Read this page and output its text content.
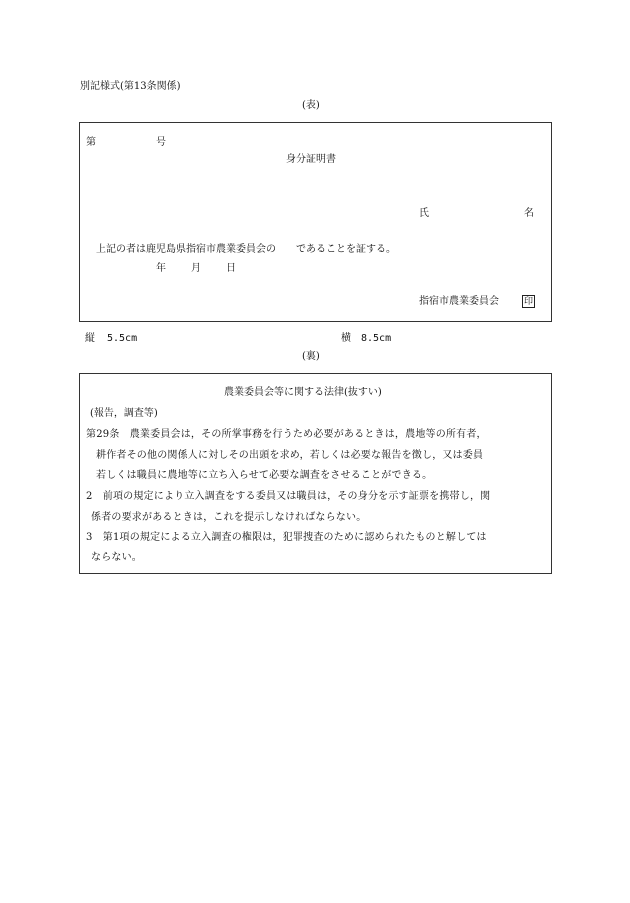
別記様式(第13条関係)
(表)
第	号
身分証明書
氏	名
上記の者は鹿児島県指宿市農業委員会の　　であることを証する。
年	月	日
指宿市農業委員会	印
縦 5.5cm	横 8.5cm
(裏)
農業委員会等に関する法律(抜すい)
(報告，調査等)
第29条　農業委員会は，その所掌事務を行うため必要があるときは，農地等の所有者，
耕作者その他の関係人に対しその出頭を求め，若しくは必要な報告を徴し，又は委員
若しくは職員に農地等に立ち入らせて必要な調査をさせることができる。
2　前項の規定により立入調査をする委員又は職員は，その身分を示す証票を携帯し，関
係者の要求があるときは，これを提示しなければならない。
3　第1項の規定による立入調査の権限は，犯罪捜査のために認められたものと解しては
ならない。
